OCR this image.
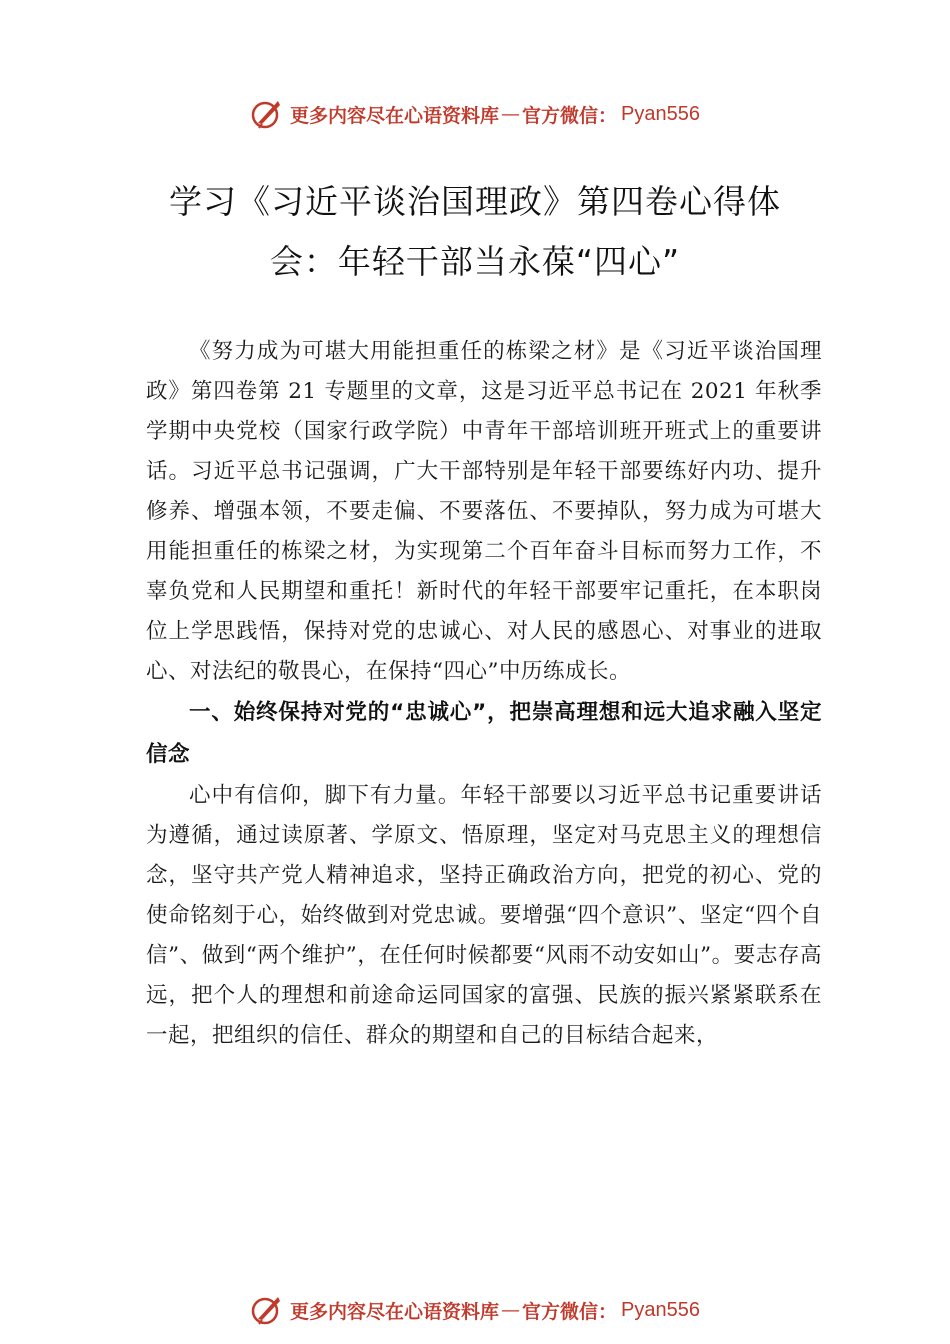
更多内容尽在心语资料库 — 官方微信： Pyan556
学习《习近平谈治国理政》第四卷心得体
会：年轻干部当永葆“四心”

《努力成为可堪大用能担重任的栋梁之材》是《习近平谈治国理政》第四卷第 21 专题里的文章，这是习近平总书记在 2021 年秋季学期中央党校（国家行政学院）中青年干部培训班开班式上的重要讲话。习近平总书记强调，广大干部特别是年轻干部要练好内功、提升修养、增强本领，不要走偏、不要落伍、不要掉队，努力成为可堪大用能担重任的栋梁之材，为实现第二个百年奋斗目标而努力工作，不辜负党和人民期望和重托！新时代的年轻干部要牢记重托，在本职岗位上学思践悟，保持对党的忠诚心、对人民的感恩心、对事业的进取心、对法纪的敬畏心，在保持“四心”中历练成长。

一、始终保持对党的“忠诚心”，把崇高理想和远大追求融入坚定信念

心中有信仰，脚下有力量。年轻干部要以习近平总书记重要讲话为遵循，通过读原著、学原文、悟原理，坚定对马克思主义的理想信念，坚守共产党人精神追求，坚持正确政治方向，把党的初心、党的使命铭刻于心，始终做到对党忠诚。要增强“四个意识”、坚定“四个自信”、做到“两个维护”，在任何时候都要“风雨不动安如山”。要志存高远，把个人的理想和前途命运同国家的富强、民族的振兴紧紧联系在一起，把组织的信任、群众的期望和自己的目标结合起来，

更多内容尽在心语资料库 — 官方微信： Pyan556
